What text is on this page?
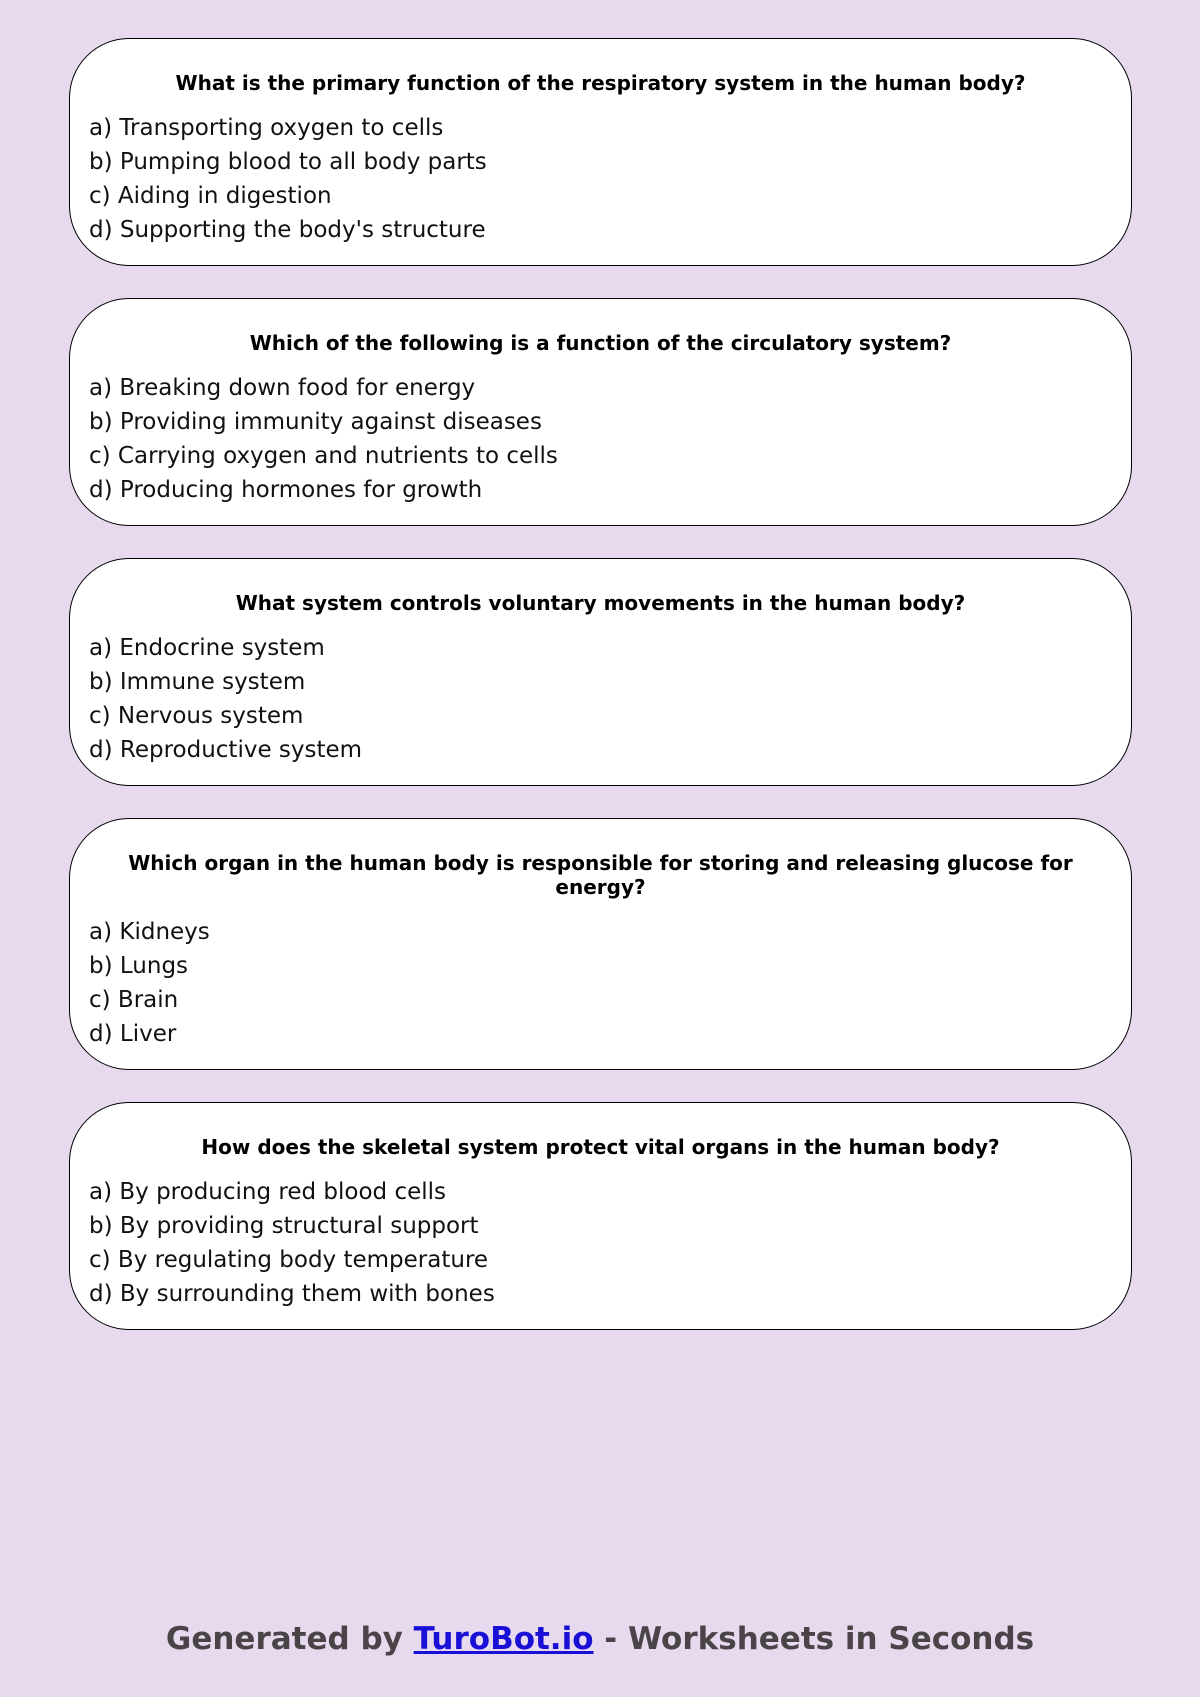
What is the primary function of the respiratory system in the human body?
a) Transporting oxygen to cells
b) Pumping blood to all body parts
c) Aiding in digestion
d) Supporting the body's structure
Which of the following is a function of the circulatory system?
a) Breaking down food for energy
b) Providing immunity against diseases
c) Carrying oxygen and nutrients to cells
d) Producing hormones for growth
What system controls voluntary movements in the human body?
a) Endocrine system
b) Immune system
c) Nervous system
d) Reproductive system
Which organ in the human body is responsible for storing and releasing glucose for energy?
a) Kidneys
b) Lungs
c) Brain
d) Liver
How does the skeletal system protect vital organs in the human body?
a) By producing red blood cells
b) By providing structural support
c) By regulating body temperature
d) By surrounding them with bones
Generated by TuroBot.io - Worksheets in Seconds
